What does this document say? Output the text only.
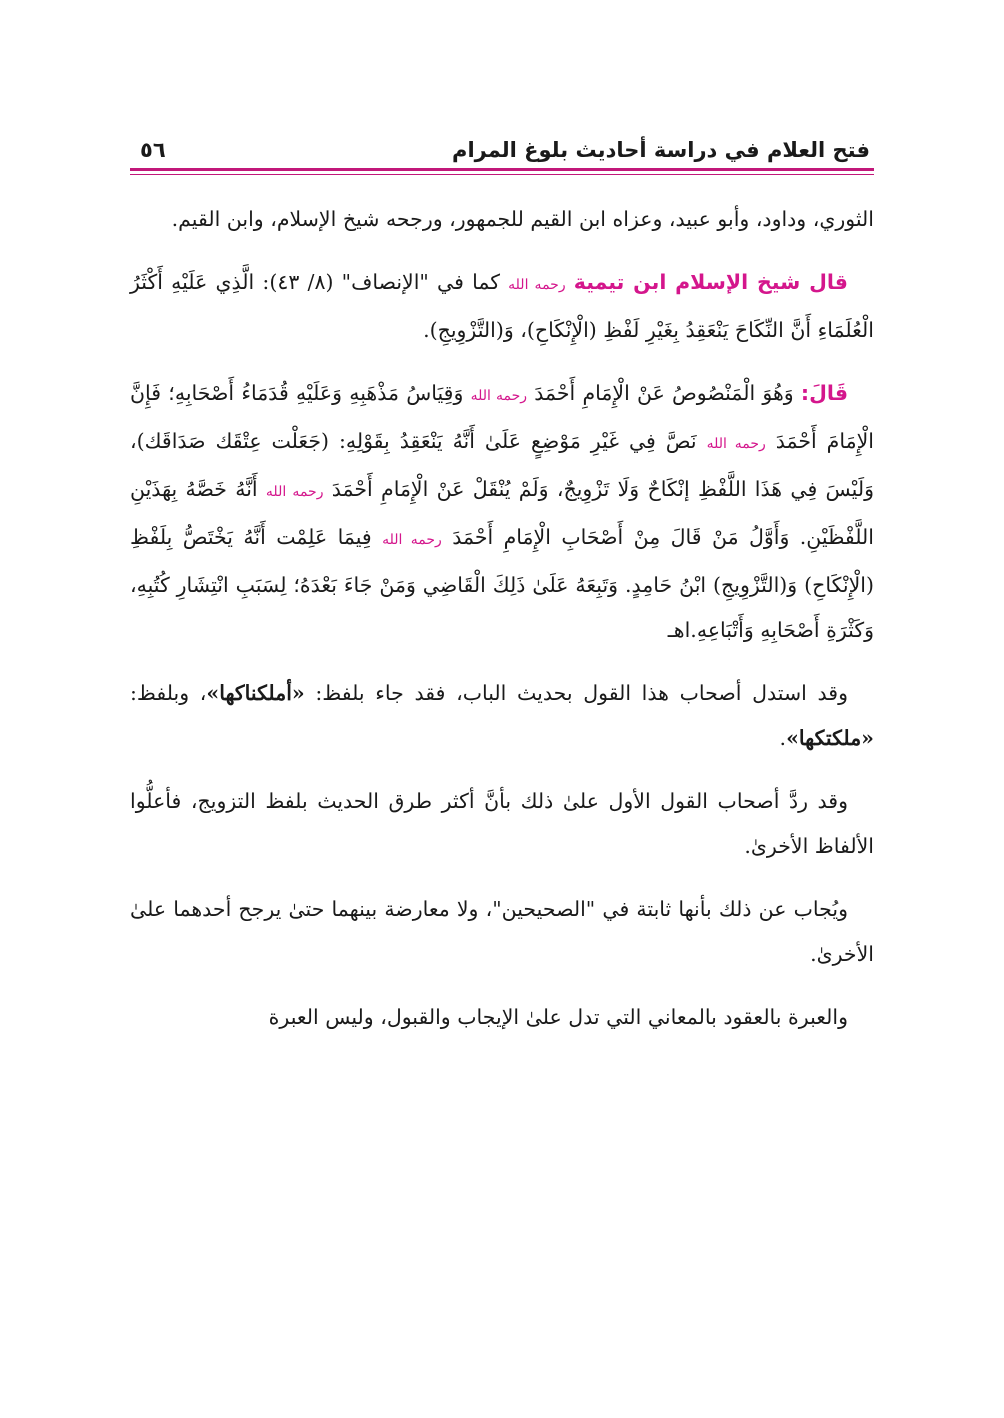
فتح العلام في دراسة أحاديث بلوغ المرام
٥٦

الثوري، وداود، وأبو عبيد، وعزاه ابن القيم للجمهور، ورجحه شيخ الإسلام، وابن القيم.

قال شيخ الإسلام ابن تيمية رحمه الله كما في "الإنصاف" (٨/ ٤٣): الَّذِي عَلَيْهِ أَكْثَرُ الْعُلَمَاءِ أَنَّ النِّكَاحَ يَنْعَقِدُ بِغَيْرِ لَفْظِ (الْإِنْكَاحِ)، وَ(التَّزْوِيجِ).

قَالَ: وَهُوَ الْمَنْصُوصُ عَنْ الْإِمَامِ أَحْمَدَ رحمه الله وَقِيَاسُ مَذْهَبِهِ وَعَلَيْهِ قُدَمَاءُ أَصْحَابِهِ؛ فَإِنَّ الْإِمَامَ أَحْمَدَ رحمه الله نَصَّ فِي غَيْرِ مَوْضِعٍ عَلَىٰ أَنَّهُ يَنْعَقِدُ بِقَوْلِهِ: (جَعَلْت عِتْقَك صَدَاقَك)، وَلَيْسَ فِي هَذَا اللَّفْظِ إنْكَاحٌ وَلَا تَزْوِيجٌ، وَلَمْ يُنْقَلْ عَنْ الْإِمَامِ أَحْمَدَ رحمه الله أَنَّهُ خَصَّهُ بِهَذَيْنِ اللَّفْظَيْنِ. وَأَوَّلُ مَنْ قَالَ مِنْ أَصْحَابِ الْإِمَامِ أَحْمَدَ رحمه الله فِيمَا عَلِمْت أَنَّهُ يَخْتَصُّ بِلَفْظِ (الْإِنْكَاحِ) وَ(التَّزْوِيجِ) ابْنُ حَامِدٍ. وَتَبِعَهُ عَلَىٰ ذَلِكَ الْقَاضِي وَمَنْ جَاءَ بَعْدَهُ؛ لِسَبَبِ انْتِشَارِ كُتُبِهِ، وَكَثْرَةِ أَصْحَابِهِ وَأَتْبَاعِهِ.اهـ

وقد استدل أصحاب هذا القول بحديث الباب، فقد جاء بلفظ: «أملكناكها»، وبلفظ: «ملكتكها».

وقد ردَّ أصحاب القول الأول علىٰ ذلك بأنَّ أكثر طرق الحديث بلفظ التزويج، فأعلُّوا الألفاظ الأخرىٰ.

ويُجاب عن ذلك بأنها ثابتة في "الصحيحين"، ولا معارضة بينهما حتىٰ يرجح أحدهما علىٰ الأخرىٰ.

والعبرة بالعقود بالمعاني التي تدل علىٰ الإيجاب والقبول، وليس العبرة
